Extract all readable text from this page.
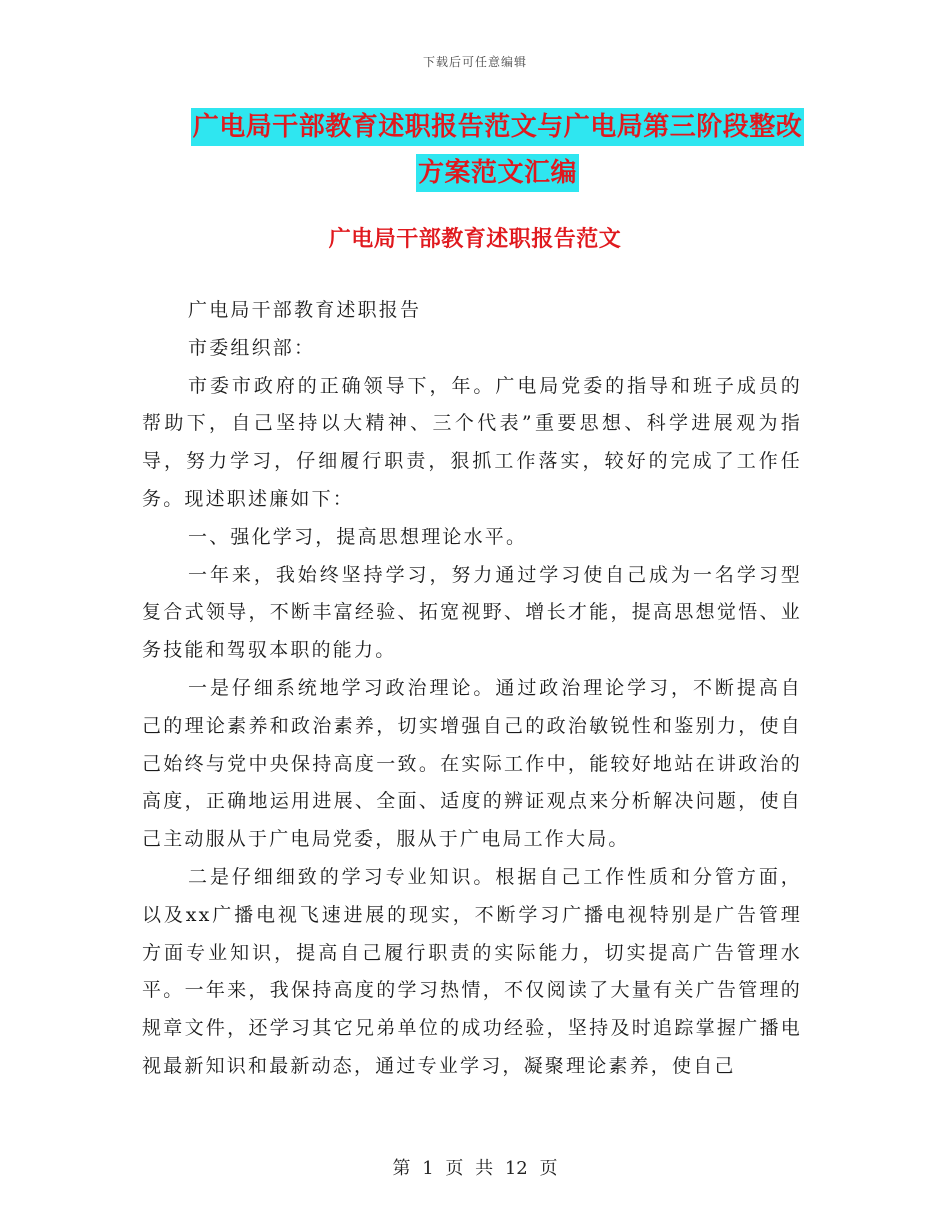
下载后可任意编辑
广电局干部教育述职报告范文与广电局第三阶段整改
方案范文汇编
广电局干部教育述职报告范文

广电局干部教育述职报告

市委组织部：

市委市政府的正确领导下，年。广电局党委的指导和班子成员的帮助下，自己坚持以大精神、三个代表”重要思想、科学进展观为指导，努力学习，仔细履行职责，狠抓工作落实，较好的完成了工作任务。现述职述廉如下：

一、强化学习，提高思想理论水平。

一年来，我始终坚持学习，努力通过学习使自己成为一名学习型复合式领导，不断丰富经验、拓宽视野、增长才能，提高思想觉悟、业务技能和驾驭本职的能力。

一是仔细系统地学习政治理论。通过政治理论学习，不断提高自己的理论素养和政治素养，切实增强自己的政治敏锐性和鉴别力，使自己始终与党中央保持高度一致。在实际工作中，能较好地站在讲政治的高度，正确地运用进展、全面、适度的辨证观点来分析解决问题，使自己主动服从于广电局党委，服从于广电局工作大局。

二是仔细细致的学习专业知识。根据自己工作性质和分管方面，以及xx广播电视飞速进展的现实，不断学习广播电视特别是广告管理方面专业知识，提高自己履行职责的实际能力，切实提高广告管理水平。一年来，我保持高度的学习热情，不仅阅读了大量有关广告管理的规章文件，还学习其它兄弟单位的成功经验，坚持及时追踪掌握广播电视最新知识和最新动态，通过专业学习，凝聚理论素养，使自己

第 1 页 共 12 页
